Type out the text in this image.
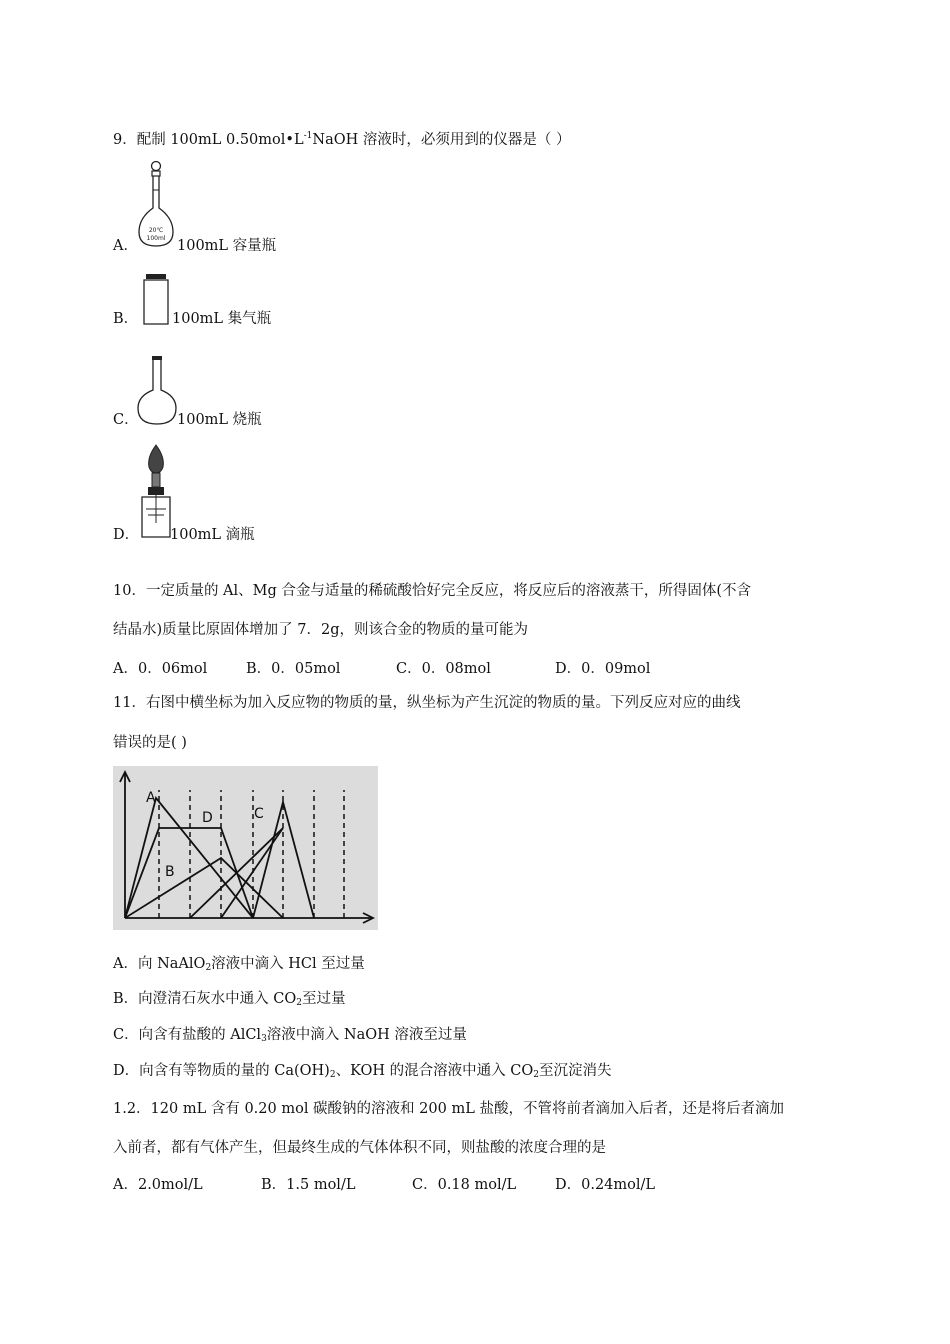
9．配制 100mL $0.50mol•L^{-1}NaOH$ 溶液时，必须用到的仪器是（ ）
A．
20℃
100ml 100mL 容量瓶
B． 100mL 集气瓶
C．	100mL 烧瓶
D． 100mL 滴瓶
10．一定质量的 Al、Mg 合金与适量的稀硫酸恰好完全反应，将反应后的溶液蒸干，所得固体(不含
结晶水)质量比原固体增加了 7．2g，则该合金的物质的量可能为
A．0．06mol	B．0．05mol	C．0．08mol	D．0．09mol
11．右图中横坐标为加入反应物的物质的量，纵坐标为产生沉淀的物质的量。下列反应对应的曲线
错误的是( )
A
B
C
D
A．向 NaAlO$_2$溶液中滴入 HCl 至过量
B．向澄清石灰水中通入 $CO_2$至过量
C．向含有盐酸的 AlCl$_3$溶液中滴入 NaOH 溶液至过量
D．向含有等物质的量的 $Ca(OH)_2$、KOH 的混合溶液中通入 $CO_2$至沉淀消失
1.2．120 mL 含有 0.20 mol 碳酸钠的溶液和 200 mL 盐酸，不管将前者滴加入后者，还是将后者滴加
入前者，都有气体产生，但最终生成的气体体积不同，则盐酸的浓度合理的是
A．2.0mol/L	B．1.5 mol/L	C．0.18 mol/L	D．0.24mol/L
